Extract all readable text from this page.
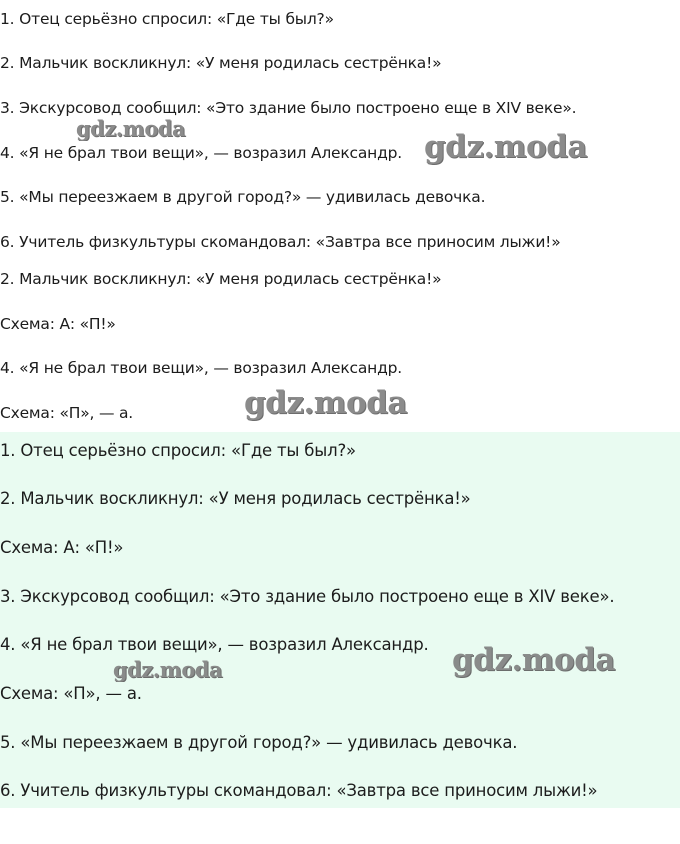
1. Отец серьёзно спросил: «Где ты был?»
2. Мальчик воскликнул: «У меня родилась сестрёнка!»
3. Экскурсовод сообщил: «Это здание было построено еще в XIV веке».
4. «Я не брал твои вещи», — возразил Александр.
5. «Мы переезжаем в другой город?» — удивилась девочка.
6. Учитель физкультуры скомандовал: «Завтра все приносим лыжи!»
2. Мальчик воскликнул: «У меня родилась сестрёнка!»
Схема: А: «П!»
4. «Я не брал твои вещи», — возразил Александр.
Схема: «П», — а.
1. Отец серьёзно спросил: «Где ты был?»
2. Мальчик воскликнул: «У меня родилась сестрёнка!»
Схема: А: «П!»
3. Экскурсовод сообщил: «Это здание было построено еще в XIV веке».
4. «Я не брал твои вещи», — возразил Александр.
Схема: «П», — а.
5. «Мы переезжаем в другой город?» — удивилась девочка.
6. Учитель физкультуры скомандовал: «Завтра все приносим лыжи!»
gdz.moda
gdz.moda
gdz.moda
gdz.moda	gdz.moda
